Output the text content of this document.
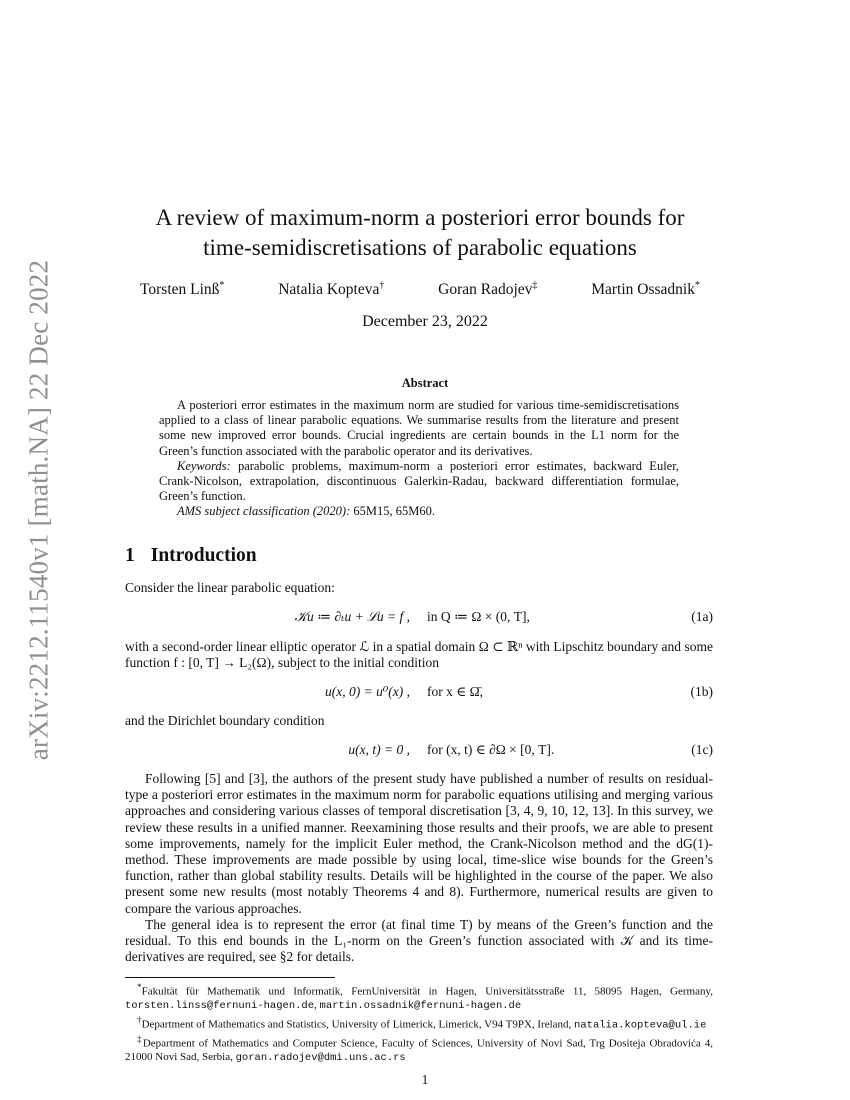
arXiv:2212.11540v1 [math.NA] 22 Dec 2022
A review of maximum-norm a posteriori error bounds for
time-semidiscretisations of parabolic equations
Torsten Linß*	Natalia Kopteva†	Goran Radojev‡	Martin Ossadnik*
December 23, 2022
Abstract

A posteriori error estimates in the maximum norm are studied for various time-semidiscretisations applied to a class of linear parabolic equations. We summarise results from the literature and present some new improved error bounds. Crucial ingredients are certain bounds in the L1 norm for the Green’s function associated with the parabolic operator and its derivatives.

Keywords: parabolic problems, maximum-norm a posteriori error estimates, backward Euler, Crank-Nicolson, extrapolation, discontinuous Galerkin-Radau, backward differentiation formulae, Green’s function.

AMS subject classification (2020): 65M15, 65M60.

1 Introduction

Consider the linear parabolic equation:

𝒦u ≔ ∂ₜu + ℒu = f , in Q ≔ Ω × (0, T],	(1a)

with a second-order linear elliptic operator ℒ in a spatial domain Ω ⊂ ℝⁿ with Lipschitz boundary and some function f : [0, T] → L₂(Ω), subject to the initial condition

u(x, 0) = u⁰(x) , for x ∈ Ω̄,	(1b)

and the Dirichlet boundary condition

u(x, t) = 0 , for (x, t) ∈ ∂Ω × [0, T].	(1c)

Following [5] and [3], the authors of the present study have published a number of results on residual-type a posteriori error estimates in the maximum norm for parabolic equations utilising and merging various approaches and considering various classes of temporal discretisation [3, 4, 9, 10, 12, 13]. In this survey, we review these results in a unified manner. Reexamining those results and their proofs, we are able to present some improvements, namely for the implicit Euler method, the Crank-Nicolson method and the dG(1)-method. These improvements are made possible by using local, time-slice wise bounds for the Green’s function, rather than global stability results. Details will be highlighted in the course of the paper. We also present some new results (most notably Theorems 4 and 8). Furthermore, numerical results are given to compare the various approaches.

The general idea is to represent the error (at final time T) by means of the Green’s function and the residual. To this end bounds in the L₁-norm on the Green’s function associated with 𝒦 and its time-derivatives are required, see §2 for details.

*Fakultät für Mathematik und Informatik, FernUniversität in Hagen, Universitätsstraße 11, 58095 Hagen, Germany, torsten.linss@fernuni-hagen.de, martin.ossadnik@fernuni-hagen.de

†Department of Mathematics and Statistics, University of Limerick, Limerick, V94 T9PX, Ireland, natalia.kopteva@ul.ie

‡Department of Mathematics and Computer Science, Faculty of Sciences, University of Novi Sad, Trg Dositeja Obradovića 4, 21000 Novi Sad, Serbia, goran.radojev@dmi.uns.ac.rs

1
